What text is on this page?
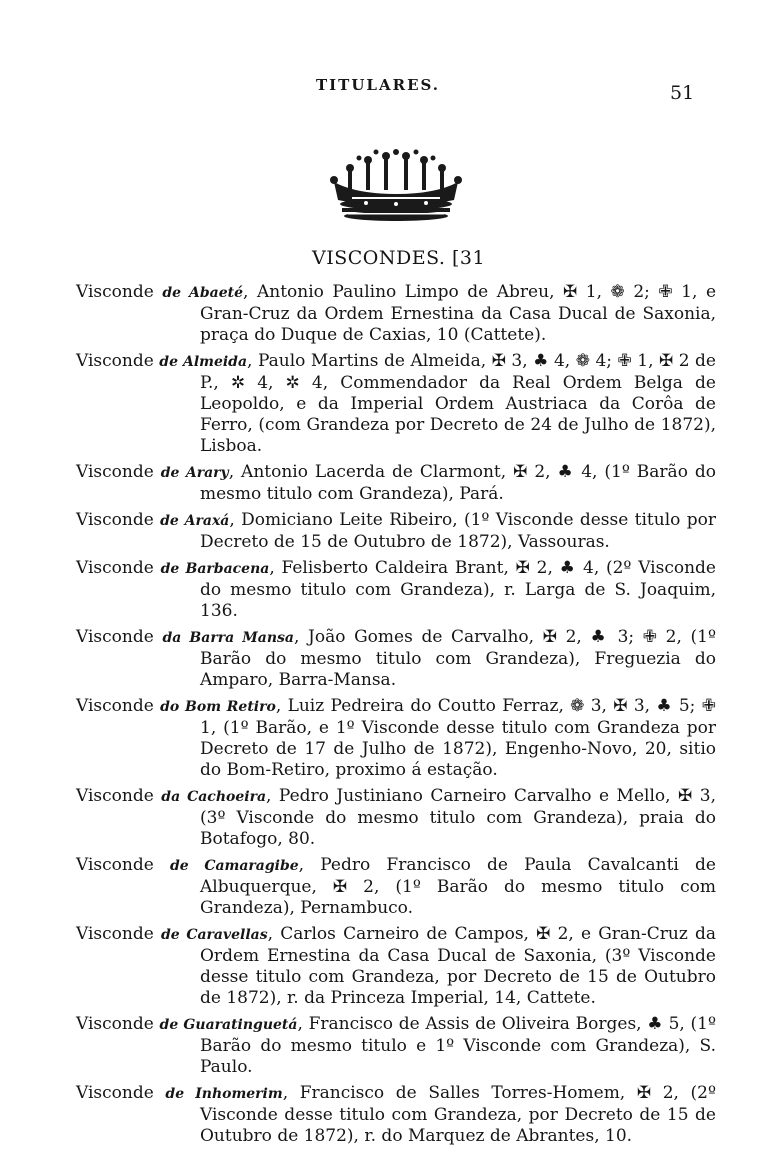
TITULARES.	51
VISCONDES. [31

Visconde de Abaeté, Antonio Paulino Limpo de Abreu, ✠ 1, ❁ 2; ✙ 1, e Gran-Cruz da Ordem Ernestina da Casa Ducal de Saxonia, praça do Duque de Caxias, 10 (Cattete).

Visconde de Almeida, Paulo Martins de Almeida, ✠ 3, ♣ 4, ❁ 4; ✙ 1, ✠ 2 de P., ✲ 4, ✲ 4, Commendador da Real Ordem Belga de Leopoldo, e da Imperial Ordem Austriaca da Corôa de Ferro, (com Grandeza por Decreto de 24 de Julho de 1872), Lisboa.

Visconde de Arary, Antonio Lacerda de Clarmont, ✠ 2, ♣ 4, (1º Barão do mesmo titulo com Grandeza), Pará.

Visconde de Araxá, Domiciano Leite Ribeiro, (1º Visconde desse titulo por Decreto de 15 de Outubro de 1872), Vassouras.

Visconde de Barbacena, Felisberto Caldeira Brant, ✠ 2, ♣ 4, (2º Visconde do mesmo titulo com Grandeza), r. Larga de S. Joaquim, 136.

Visconde da Barra Mansa, João Gomes de Carvalho, ✠ 2, ♣ 3; ✙ 2, (1º Barão do mesmo titulo com Grandeza), Freguezia do Amparo, Barra-Mansa.

Visconde do Bom Retiro, Luiz Pedreira do Coutto Ferraz, ❁ 3, ✠ 3, ♣ 5; ✙ 1, (1º Barão, e 1º Visconde desse titulo com Grandeza por Decreto de 17 de Julho de 1872), Engenho-Novo, 20, sitio do Bom-Retiro, proximo á estação.

Visconde da Cachoeira, Pedro Justiniano Carneiro Carvalho e Mello, ✠ 3, (3º Visconde do mesmo titulo com Grandeza), praia do Botafogo, 80.

Visconde de Camaragibe, Pedro Francisco de Paula Cavalcanti de Albuquerque, ✠ 2, (1º Barão do mesmo titulo com Grandeza), Pernambuco.

Visconde de Caravellas, Carlos Carneiro de Campos, ✠ 2, e Gran-Cruz da Ordem Ernestina da Casa Ducal de Saxonia, (3º Visconde desse titulo com Grandeza, por Decreto de 15 de Outubro de 1872), r. da Princeza Imperial, 14, Cattete.

Visconde de Guaratinguetá, Francisco de Assis de Oliveira Borges, ♣ 5, (1º Barão do mesmo titulo e 1º Visconde com Grandeza), S. Paulo.

Visconde de Inhomerim, Francisco de Salles Torres-Homem, ✠ 2, (2º Visconde desse titulo com Grandeza, por Decreto de 15 de Outubro de 1872), r. do Marquez de Abrantes, 10.
